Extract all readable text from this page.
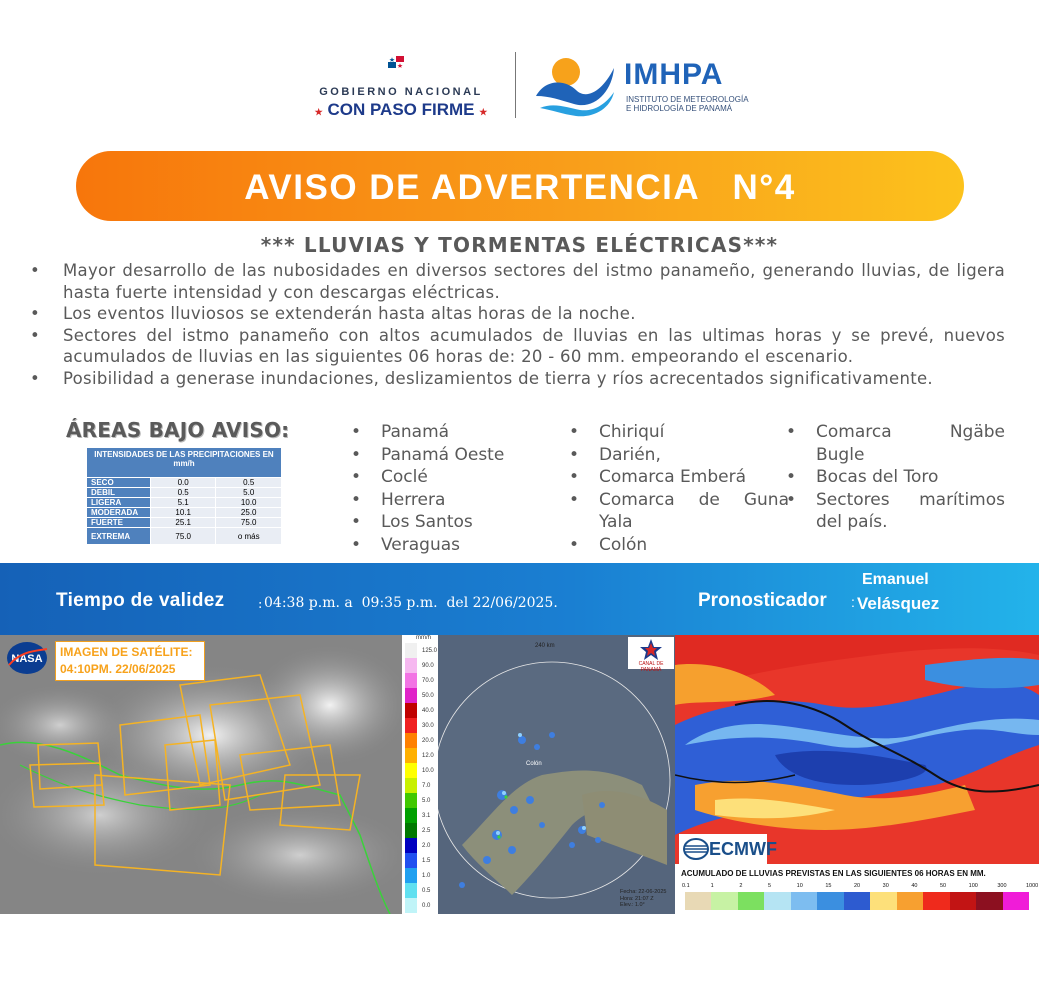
GOBIERNO NACIONAL
★ CON PASO FIRME ★
IMHPA
INSTITUTO DE METEOROLOGÍA
E HIDROLOGÍA DE PANAMÁ
AVISO DE ADVERTENCIA   N°4
*** LLUVIAS Y TORMENTAS ELÉCTRICAS***
• Mayor desarrollo de las nubosidades en diversos sectores del istmo panameño, generando lluvias, de ligera hasta fuerte intensidad y con descargas eléctricas.
• Los eventos lluviosos se extenderán hasta altas horas de la noche.
• Sectores del istmo panameño con altos acumulados de lluvias en las ultimas horas y se prevé, nuevos acumulados de lluvias en las siguientes 06 horas de: 20 - 60 mm. empeorando el escenario.
• Posibilidad a generase inundaciones, deslizamientos de tierra y ríos acrecentados significativamente.
ÁREAS BAJO AVISO:
INTENSIDADES DE LAS PRECIPITACIONES EN mm/h		
SECO	0.0	0.5
DEBIL	0.5	5.0
LIGERA	5.1	10.0
MODERADA	10.1	25.0
FUERTE	25.1	75.0
EXTREMA	75.0	o más
• Panamá
• Panamá Oeste
• Coclé
• Herrera
• Los Santos
• Veraguas
• Chiriquí
• Darién,
• Comarca Emberá
• Comarca de Guna Yala
• Colón
• Comarca Ngäbe Bugle
• Bocas del Toro
• Sectores marítimos del país.
Tiempo de validez	: 04:38 p.m. a  09:35 p.m.  del 22/06/2025.	Pronosticador :
Emanuel
Velásquez
NASA IMAGEN DE SATÉLITE:
04:10PM. 22/06/2025
mm/h
125.0
90.0
70.0
50.0
40.0
30.0
20.0
12.0
10.0
7.0
5.0
3.1
2.5
2.0
1.5
1.0
0.5
0.0
240 km
Colón
CANAL DE PANAMÁ
Fecha: 22-06-2025
Hora: 21:07 Z
Elev.: 1.0°
ECMWF
ACUMULADO DE LLUVIAS PREVISTAS EN LAS SIGUIENTES 06 HORAS EN MM.
0.1	1	2	5	10	15	20	30	40	50	100	300	1000
